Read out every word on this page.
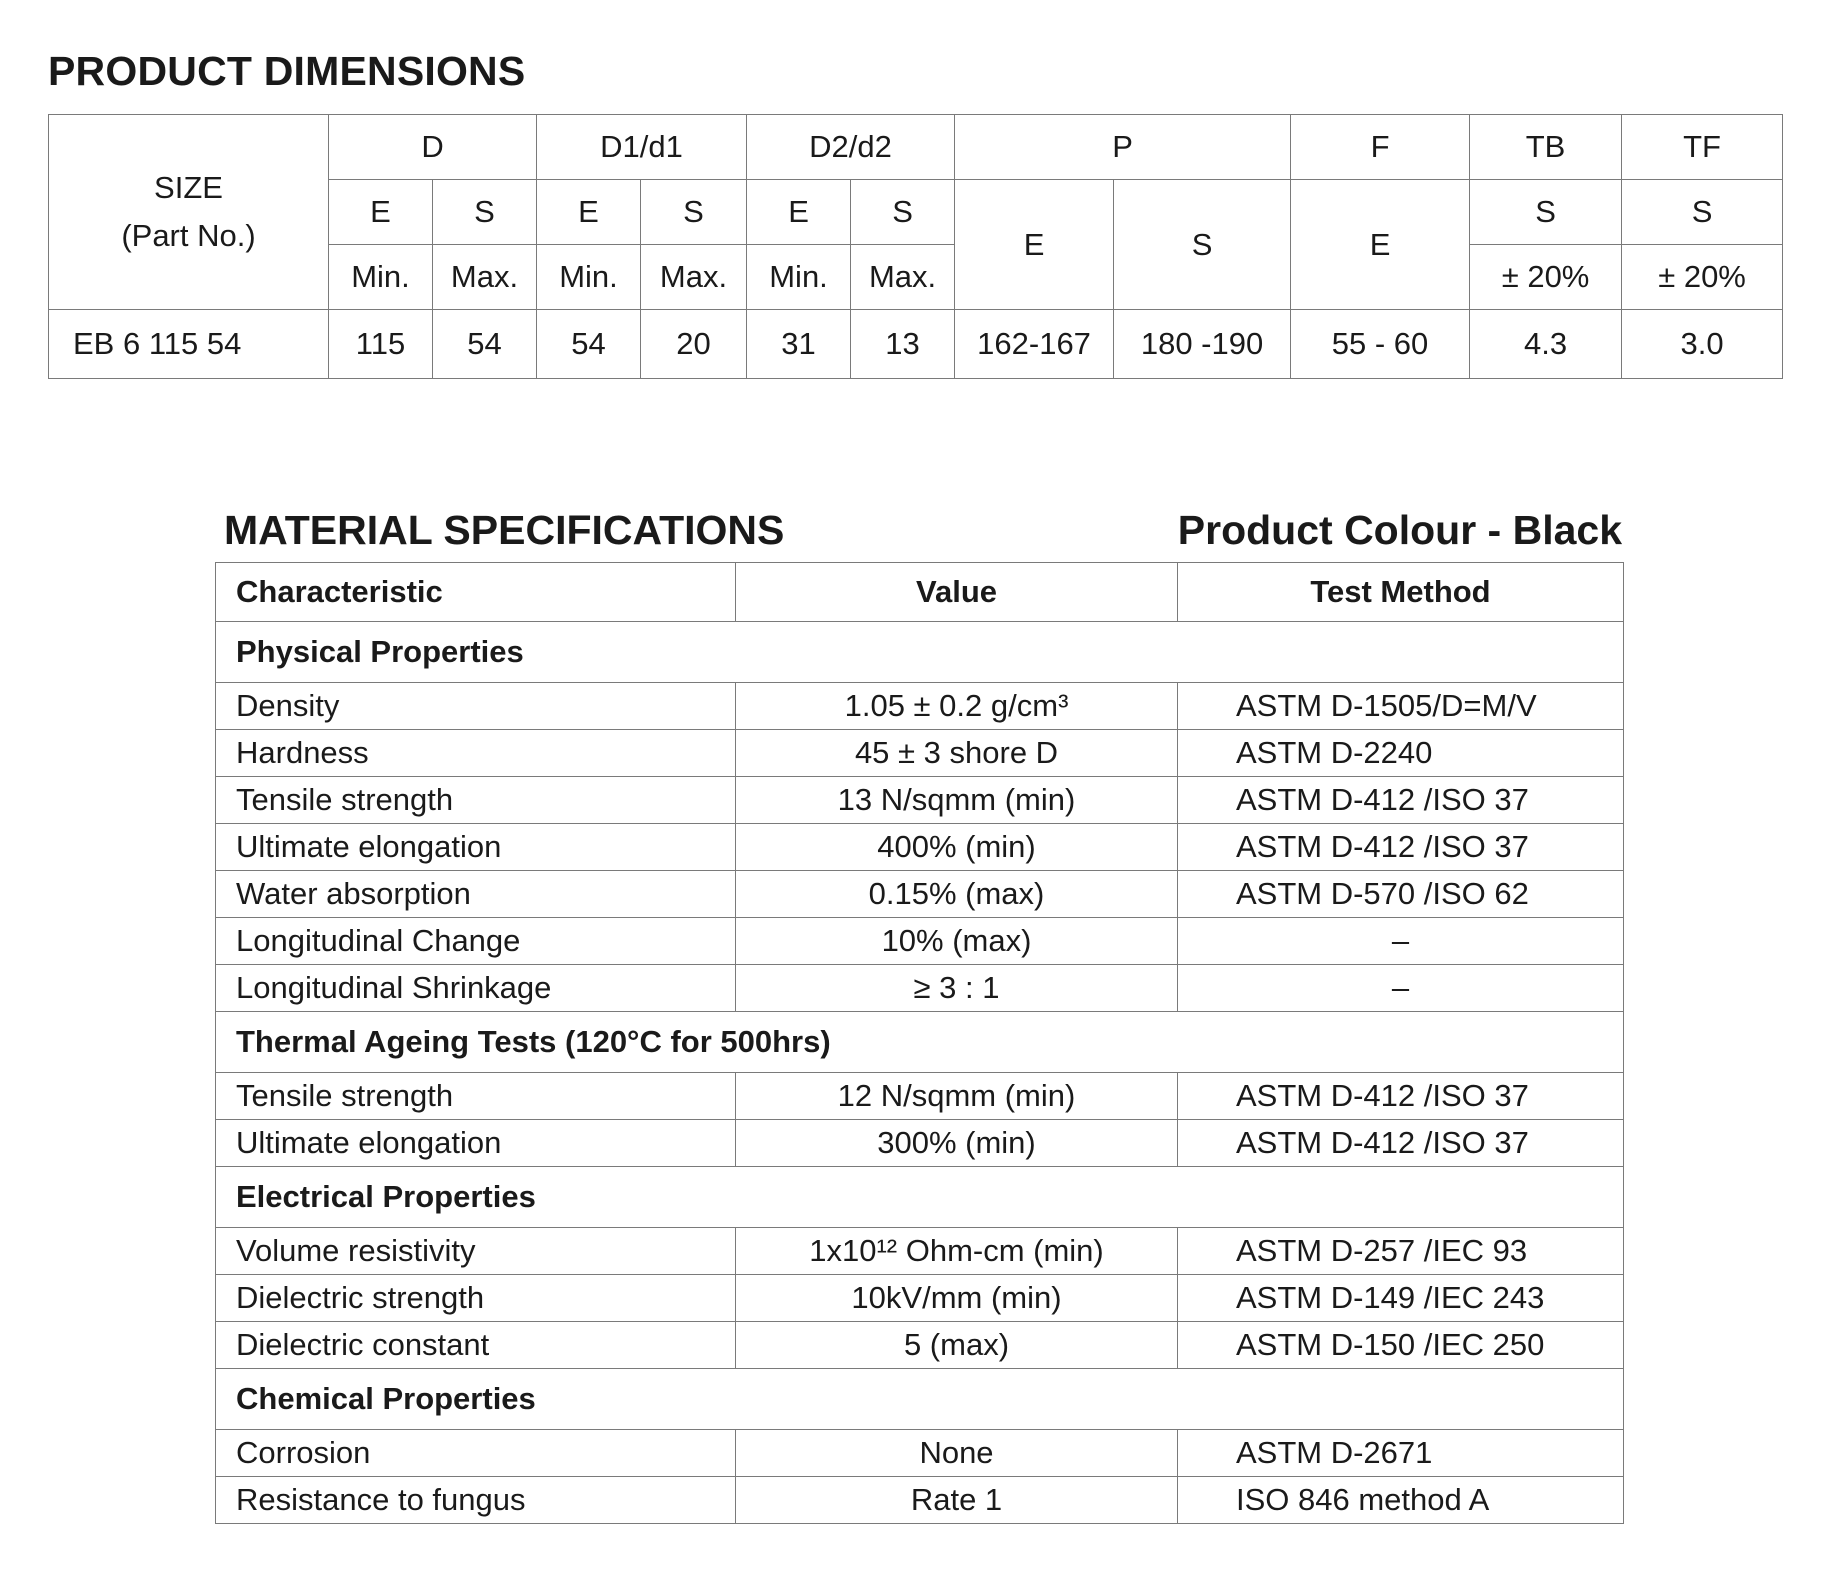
PRODUCT DIMENSIONS
SIZE
(Part No.)	D		D1/d1		D2/d2		P		F	TB	TF
	E	S	E	S	E	S	E	S	E	S	S
	Min.	Max.	Min.	Max.	Min.	Max.				± 20%	± 20%
EB 6 115 54	115	54	54	20	31	13	162-167	180 -190	55 - 60	4.3	3.0
MATERIAL SPECIFICATIONS	Product Colour - Black
Characteristic	Value	Test Method
Physical Properties		
Density	1.05 ± 0.2 g/cm³	ASTM D-1505/D=M/V
Hardness	45 ± 3 shore D	ASTM D-2240
Tensile strength	13 N/sqmm (min)	ASTM D-412 /ISO 37
Ultimate elongation	400% (min)	ASTM D-412 /ISO 37
Water absorption	0.15% (max)	ASTM D-570 /ISO 62
Longitudinal Change	10% (max)	–
Longitudinal Shrinkage	≥ 3 : 1	–
Thermal Ageing Tests (120°C for 500hrs)		
Tensile strength	12 N/sqmm (min)	ASTM D-412 /ISO 37
Ultimate elongation	300% (min)	ASTM D-412 /ISO 37
Electrical Properties		
Volume resistivity	1x10¹² Ohm-cm (min)	ASTM D-257 /IEC 93
Dielectric strength	10kV/mm (min)	ASTM D-149 /IEC 243
Dielectric constant	5 (max)	ASTM D-150 /IEC 250
Chemical Properties		
Corrosion	None	ASTM D-2671
Resistance to fungus	Rate 1	ISO 846 method A
